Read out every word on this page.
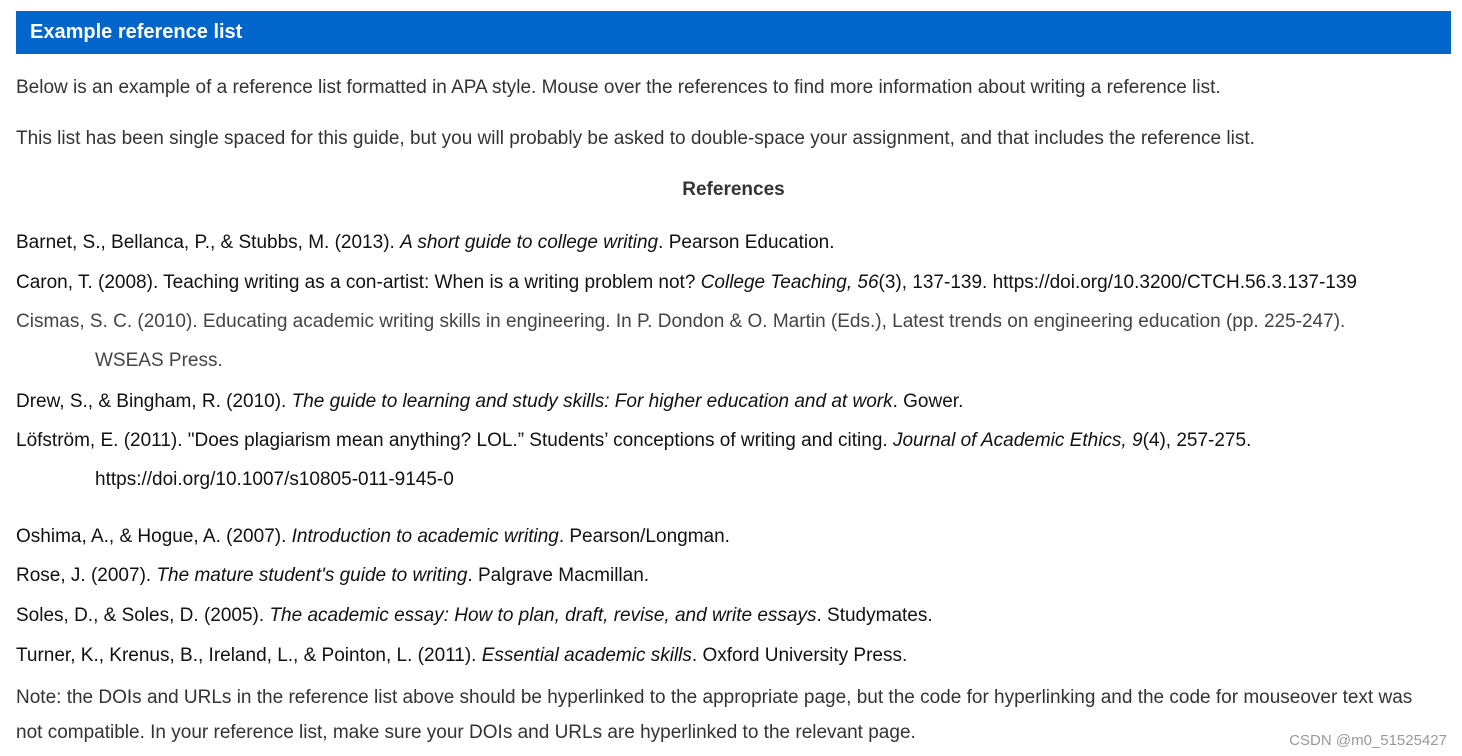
Example reference list
Below is an example of a reference list formatted in APA style. Mouse over the references to find more information about writing a reference list.
This list has been single spaced for this guide, but you will probably be asked to double-space your assignment, and that includes the reference list.
References
Barnet, S., Bellanca, P., & Stubbs, M. (2013). A short guide to college writing. Pearson Education.
Caron, T. (2008). Teaching writing as a con-artist: When is a writing problem not? College Teaching, 56(3), 137-139. https://doi.org/10.3200/CTCH.56.3.137-139
Cismas, S. C. (2010). Educating academic writing skills in engineering. In P. Dondon & O. Martin (Eds.), Latest trends on engineering education (pp. 225-247).
WSEAS Press.
Drew, S., & Bingham, R. (2010). The guide to learning and study skills: For higher education and at work. Gower.
Löfström, E. (2011). "Does plagiarism mean anything? LOL.” Students’ conceptions of writing and citing. Journal of Academic Ethics, 9(4), 257-275.
https://doi.org/10.1007/s10805-011-9145-0
Oshima, A., & Hogue, A. (2007). Introduction to academic writing. Pearson/Longman.
Rose, J. (2007). The mature student's guide to writing. Palgrave Macmillan.
Soles, D., & Soles, D. (2005). The academic essay: How to plan, draft, revise, and write essays. Studymates.
Turner, K., Krenus, B., Ireland, L., & Pointon, L. (2011). Essential academic skills. Oxford University Press.
Note: the DOIs and URLs in the reference list above should be hyperlinked to the appropriate page, but the code for hyperlinking and the code for mouseover text was not compatible. In your reference list, make sure your DOIs and URLs are hyperlinked to the relevant page.	CSDN @m0_51525427
